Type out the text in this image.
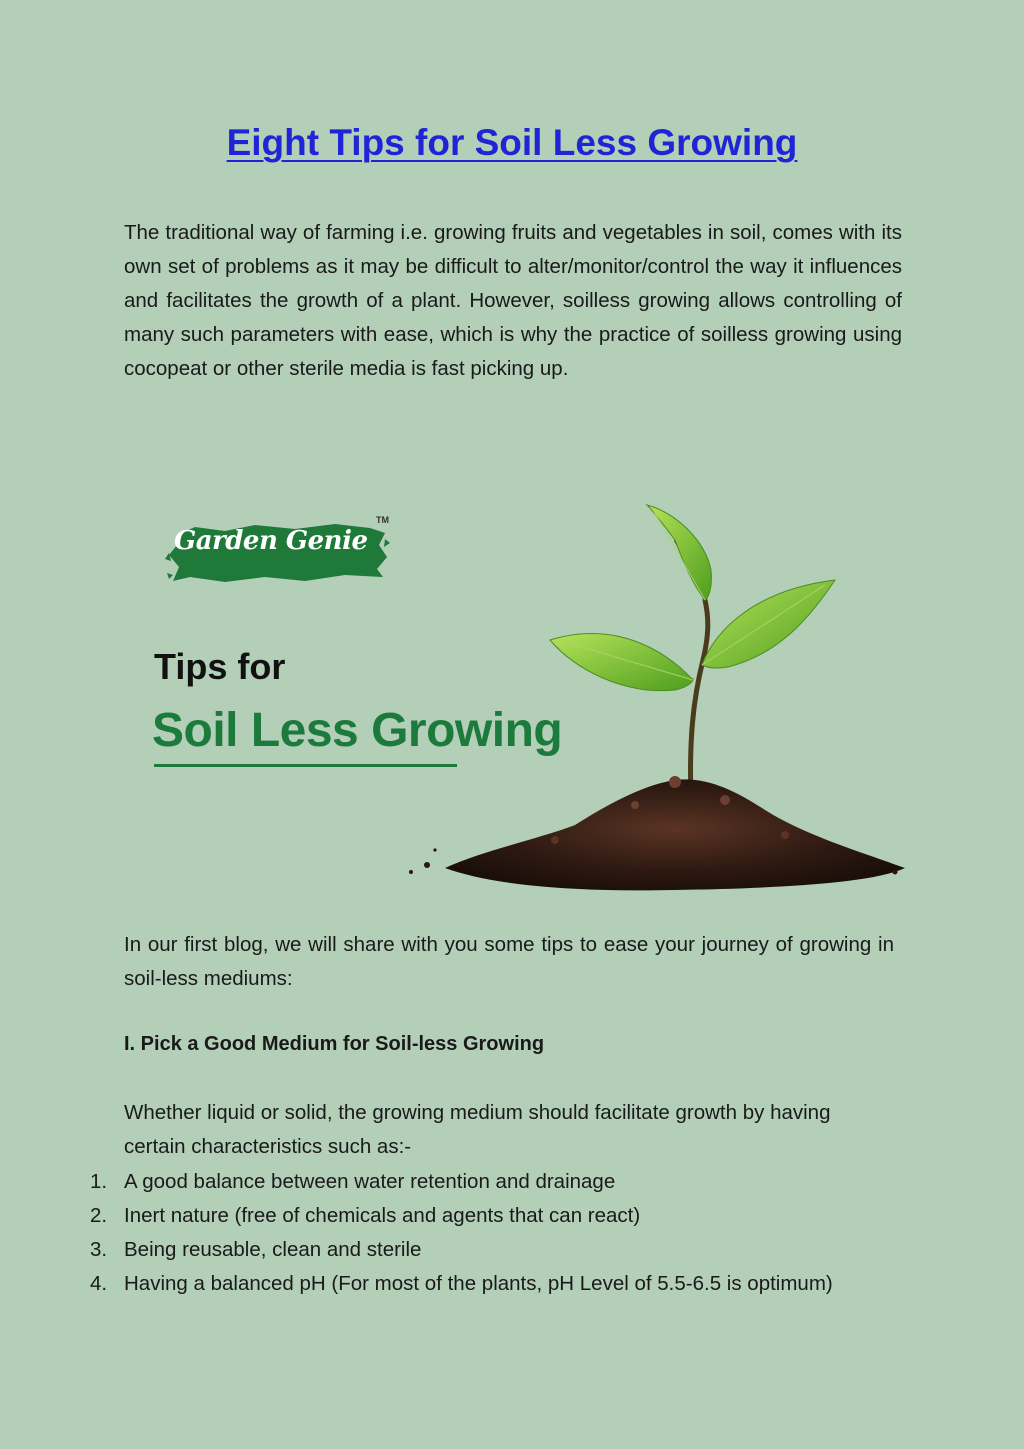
Eight Tips for Soil Less Growing

The traditional way of farming i.e. growing fruits and vegetables in soil, comes with its own set of problems as it may be difficult to alter/monitor/control the way it influences and facilitates the growth of a plant. However, soilless growing allows controlling of many such parameters with ease, which is why the practice of soilless growing using cocopeat or other sterile media is fast picking up.

Garden Genie
TM
Tips for
Soil Less Growing

In our first blog, we will share with you some tips to ease your journey of growing in soil-less mediums:

I. Pick a Good Medium for Soil-less Growing

Whether liquid or solid, the growing medium should facilitate growth by having certain characteristics such as:-

1. A good balance between water retention and drainage
2. Inert nature (free of chemicals and agents that can react)
3. Being reusable, clean and sterile
4. Having a balanced pH (For most of the plants, pH Level of 5.5-6.5 is optimum)
